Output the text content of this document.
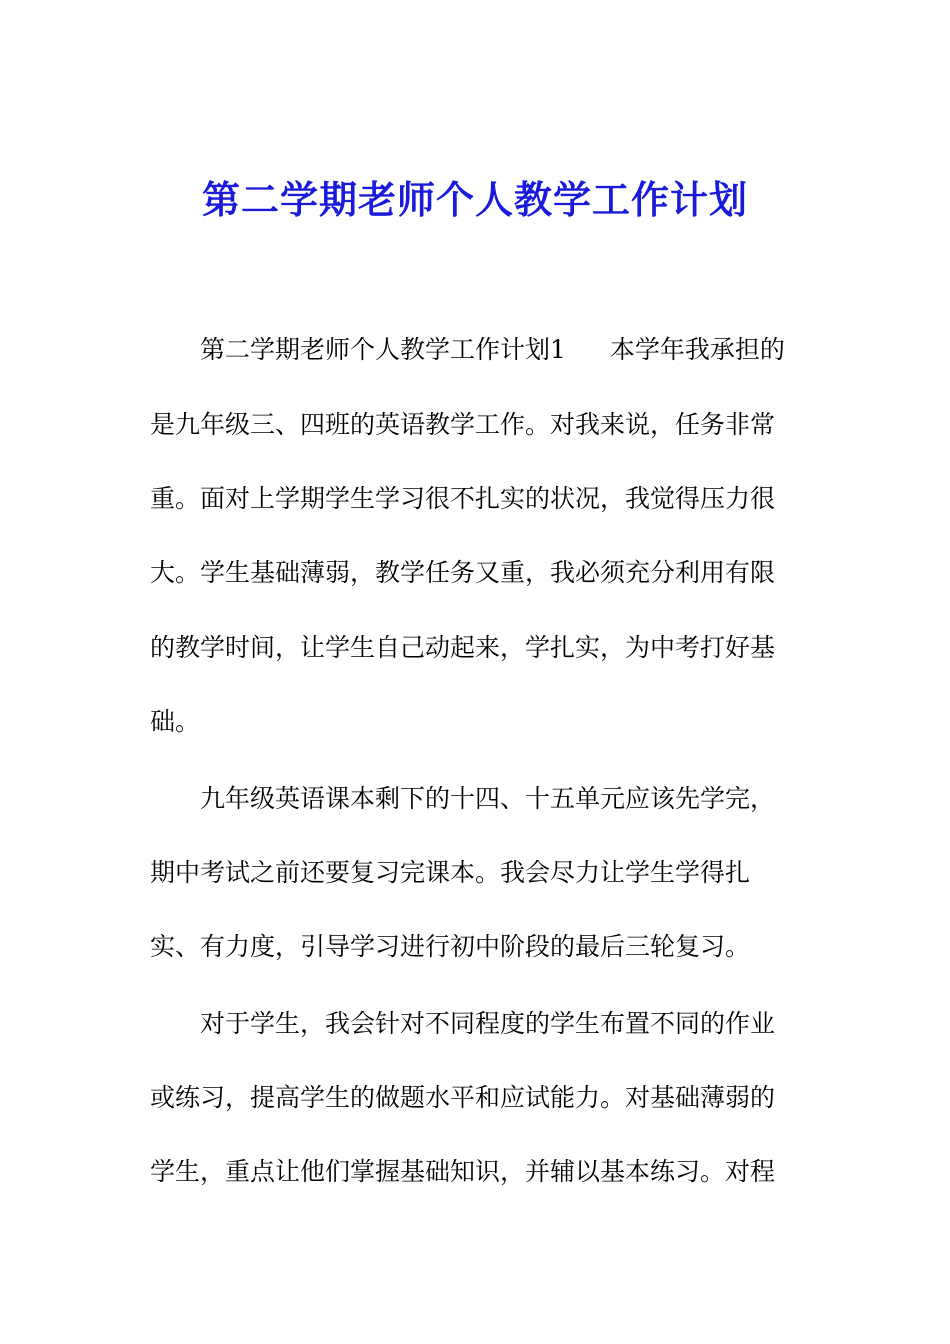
第二学期老师个人教学工作计划
第二学期老师个人教学工作计划1 本学年我承担的
是九年级三、四班的英语教学工作。对我来说，任务非常
重。面对上学期学生学习很不扎实的状况，我觉得压力很
大。学生基础薄弱，教学任务又重，我必须充分利用有限
的教学时间，让学生自己动起来，学扎实，为中考打好基
础。
九年级英语课本剩下的十四、十五单元应该先学完，
期中考试之前还要复习完课本。我会尽力让学生学得扎
实、有力度，引导学习进行初中阶段的最后三轮复习。
对于学生，我会针对不同程度的学生布置不同的作业
或练习，提高学生的做题水平和应试能力。对基础薄弱的
学生，重点让他们掌握基础知识，并辅以基本练习。对程
